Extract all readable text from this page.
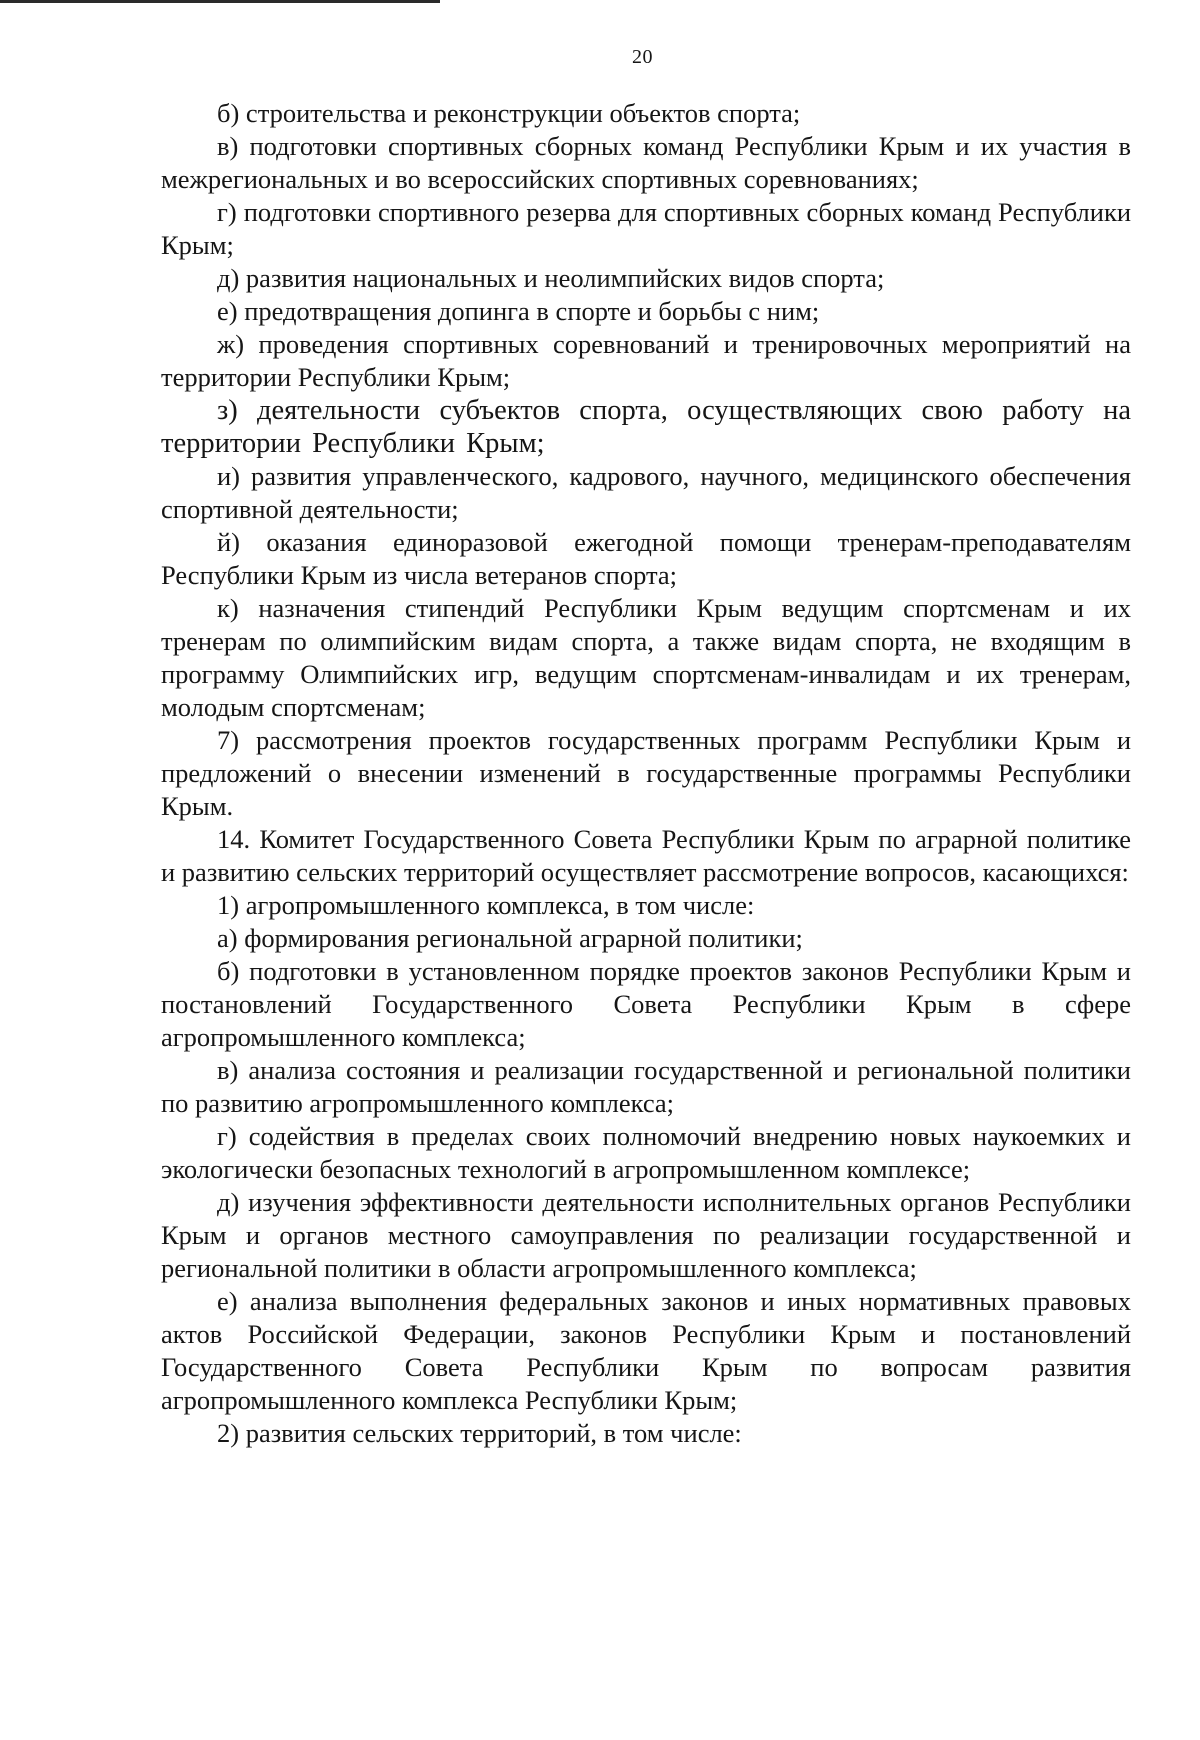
20

б) строительства и реконструкции объектов спорта;

в) подготовки спортивных сборных команд Республики Крым и их участия в межрегиональных и во всероссийских спортивных соревнованиях;

г) подготовки спортивного резерва для спортивных сборных команд Республики Крым;

д) развития национальных и неолимпийских видов спорта;

е) предотвращения допинга в спорте и борьбы с ним;

ж) проведения спортивных соревнований и тренировочных мероприятий на территории Республики Крым;

з) деятельности субъектов спорта, осуществляющих свою работу на территории Республики Крым;

и) развития управленческого, кадрового, научного, медицинского обеспечения спортивной деятельности;

й) оказания единоразовой ежегодной помощи тренерам-преподавателям Республики Крым из числа ветеранов спорта;

к) назначения стипендий Республики Крым ведущим спортсменам и их тренерам по олимпийским видам спорта, а также видам спорта, не входящим в программу Олимпийских игр, ведущим спортсменам-инвалидам и их тренерам, молодым спортсменам;

7) рассмотрения проектов государственных программ Республики Крым и предложений о внесении изменений в государственные программы Республики Крым.

14. Комитет Государственного Совета Республики Крым по аграрной политике и развитию сельских территорий осуществляет рассмотрение вопросов, касающихся:

1) агропромышленного комплекса, в том числе:

а) формирования региональной аграрной политики;

б) подготовки в установленном порядке проектов законов Республики Крым и постановлений Государственного Совета Республики Крым в сфере агропромышленного комплекса;

в) анализа состояния и реализации государственной и региональной политики по развитию агропромышленного комплекса;

г) содействия в пределах своих полномочий внедрению новых наукоемких и экологически безопасных технологий в агропромышленном комплексе;

д) изучения эффективности деятельности исполнительных органов Республики Крым и органов местного самоуправления по реализации государственной и региональной политики в области агропромышленного комплекса;

е) анализа выполнения федеральных законов и иных нормативных правовых актов Российской Федерации, законов Республики Крым и постановлений Государственного Совета Республики Крым по вопросам развития агропромышленного комплекса Республики Крым;

2) развития сельских территорий, в том числе:
